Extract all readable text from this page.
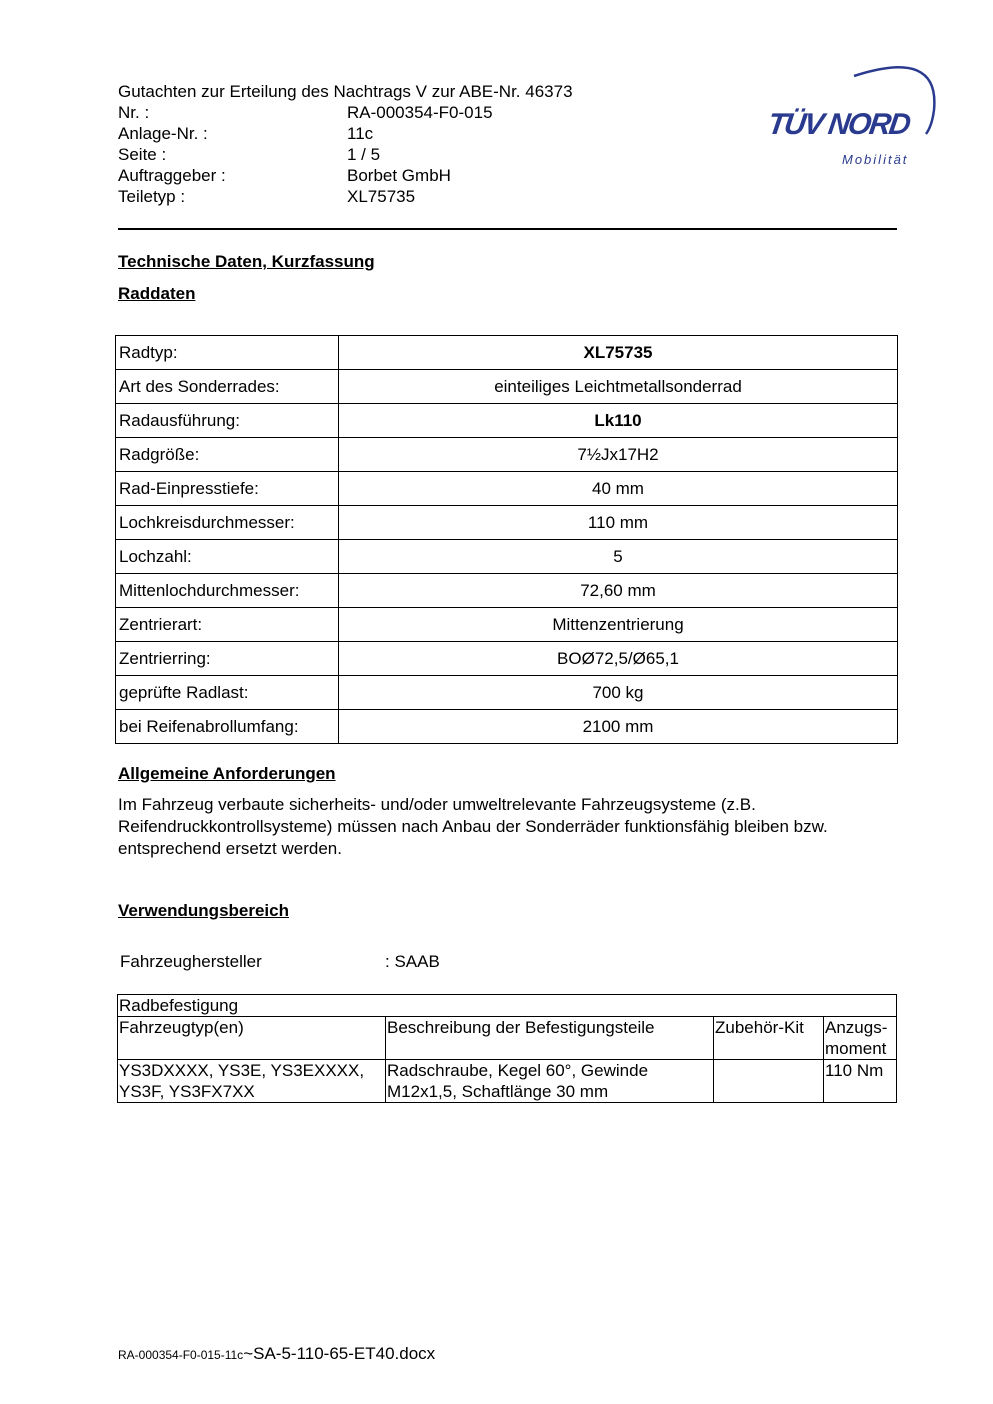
Gutachten zur Erteilung des Nachtrags V zur ABE-Nr. 46373
Nr. :	RA-000354-F0-015
Anlage-Nr. :	11c
Seite :	1 / 5
Auftraggeber :	Borbet GmbH
Teiletyp :	XL75735
TÜV NORD
Mobilität
Technische Daten, Kurzfassung
Raddaten
Radtyp:	XL75735
Art des Sonderrades:	einteiliges Leichtmetallsonderrad
Radausführung:	Lk110
Radgröße:	7½Jx17H2
Rad-Einpresstiefe:	40 mm
Lochkreisdurchmesser:	110 mm
Lochzahl:	5
Mittenlochdurchmesser:	72,60 mm
Zentrierart:	Mittenzentrierung
Zentrierring:	BOØ72,5/Ø65,1
geprüfte Radlast:	700 kg
bei Reifenabrollumfang:	2100 mm
Allgemeine Anforderungen
Im Fahrzeug verbaute sicherheits- und/oder umweltrelevante Fahrzeugsysteme (z.B. Reifendruckkontrollsysteme) müssen nach Anbau der Sonderräder funktionsfähig bleiben bzw. entsprechend ersetzt werden.
Verwendungsbereich
Fahrzeughersteller	: SAAB
Radbefestigung			
Fahrzeugtyp(en)	Beschreibung der Befestigungsteile	Zubehör-Kit	Anzugs-moment
YS3DXXXX, YS3E, YS3EXXXX, YS3F, YS3FX7XX	Radschraube, Kegel 60°, Gewinde M12x1,5, Schaftlänge 30 mm		110 Nm
RA-000354-F0-015-11c~SA-5-110-65-ET40.docx
